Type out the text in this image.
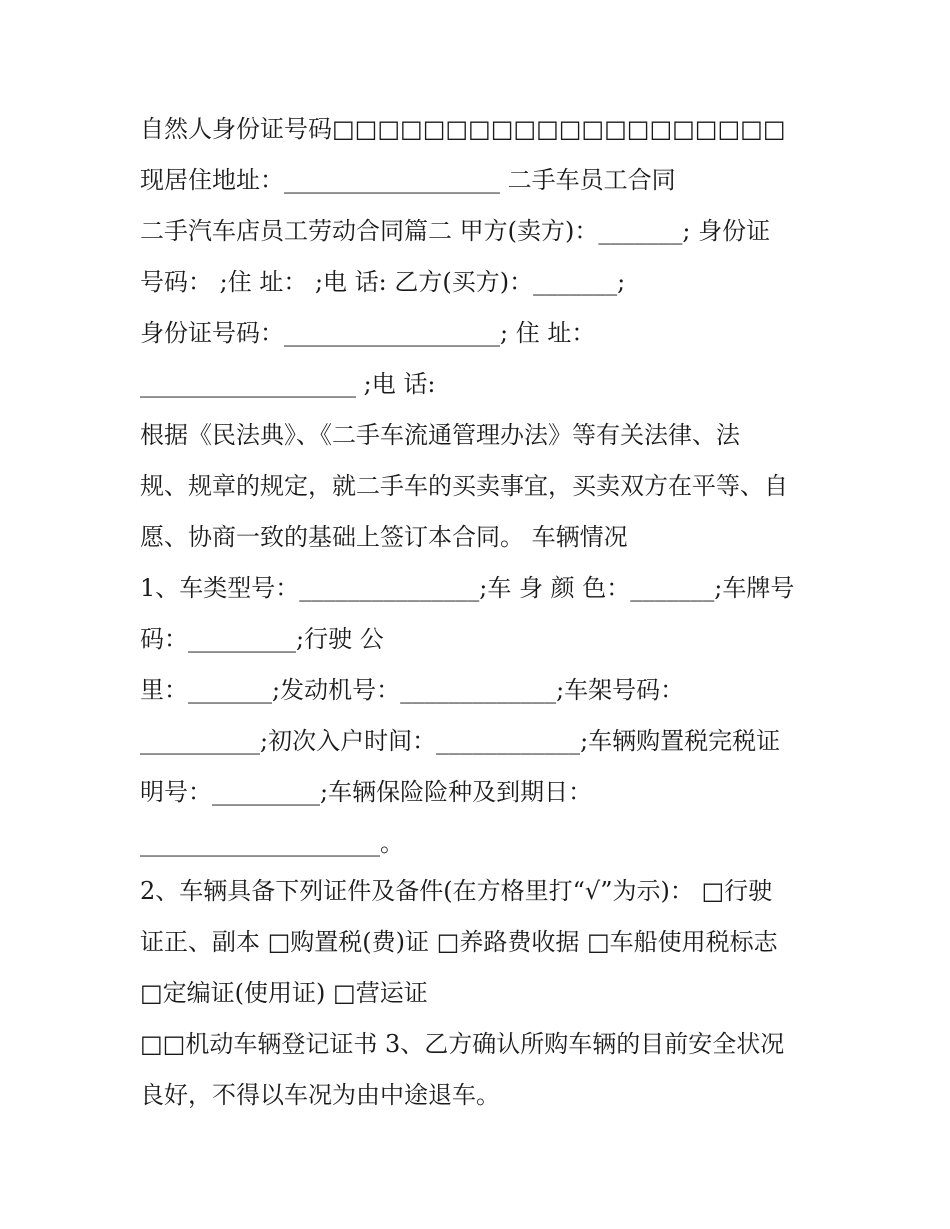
自然人身份证号码□□□□□□□□□□□□□□□□□□□□
现居住地址：__________________ 二手车员工合同
二手汽车店员工劳动合同篇二 甲方(卖方)：_______; 身份证
号码： ;住 址： ;电 话: 乙方(买方)：_______;
身份证号码：__________________; 住 址：
__________________ ;电 话:
根据《民法典》、《二手车流通管理办法》等有关法律、法
规、规章的规定，就二手车的买卖事宜，买卖双方在平等、自
愿、协商一致的基础上签订本合同。 车辆情况
1、车类型号：_______________;车 身 颜 色：_______;车牌号
码：_________;行驶 公
里：_______;发动机号：_____________;车架号码：
__________;初次入户时间：____________;车辆购置税完税证
明号：_________;车辆保险险种及到期日：
____________________。
2、车辆具备下列证件及备件(在方格里打“√”为示)： □行驶
证正、副本 □购置税(费)证 □养路费收据 □车船使用税标志
□定编证(使用证) □营运证
□□机动车辆登记证书 3、乙方确认所购车辆的目前安全状况
良好，不得以车况为由中途退车。
